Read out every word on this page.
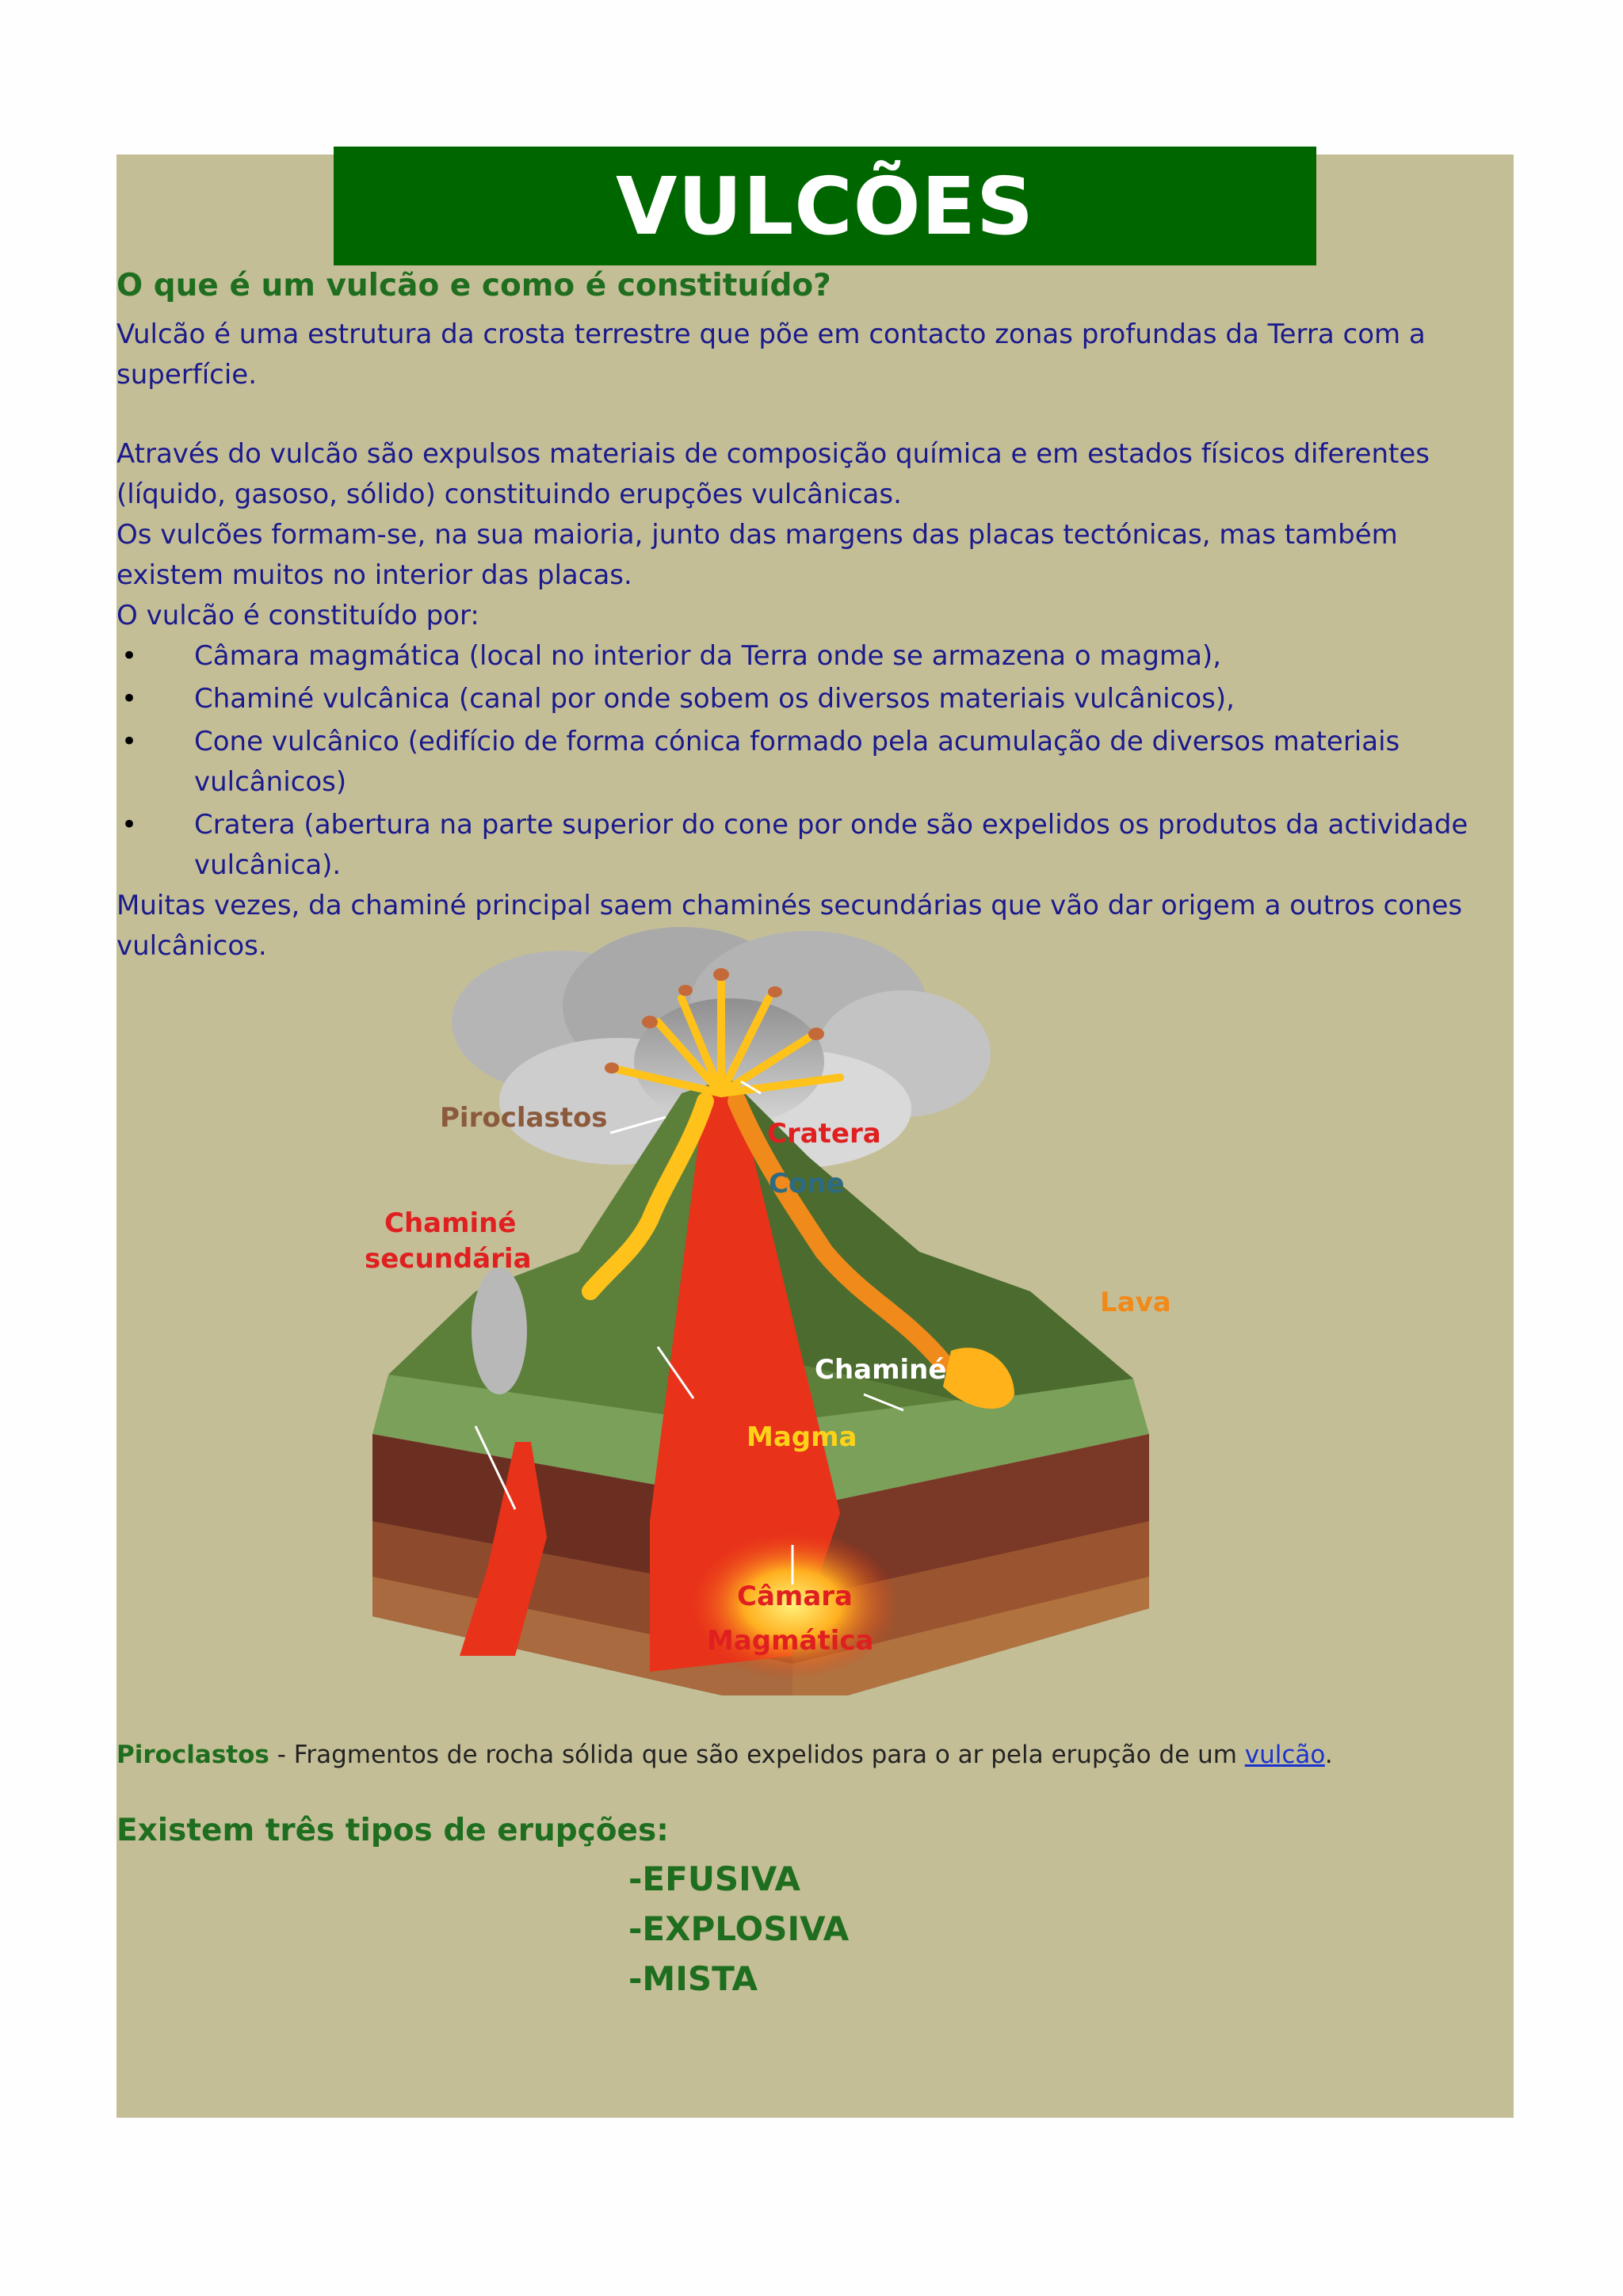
VULCÕES
O que é um vulcão e como é constituído?
Vulcão é uma estrutura da crosta terrestre que põe em contacto zonas profundas da Terra com a superfície.
Através do vulcão são expulsos materiais de composição química e em estados físicos diferentes (líquido, gasoso, sólido) constituindo erupções vulcânicas.
Os vulcões formam-se, na sua maioria, junto das margens das placas tectónicas, mas também existem muitos no interior das placas.
O vulcão é constituído por:
• Câmara magmática (local no interior da Terra onde se armazena o magma),
• Chaminé vulcânica (canal por onde sobem os diversos materiais vulcânicos),
• Cone vulcânico (edifício de forma cónica formado pela acumulação de diversos materiais vulcânicos)
• Cratera (abertura na parte superior do cone por onde são expelidos os produtos da actividade vulcânica).
Muitas vezes, da chaminé principal saem chaminés secundárias que vão dar origem a outros cones vulcânicos.
Piroclastos	Cratera
Cone
Chaminé
secundária
Lava
Chaminé
Magma
Câmara
Magmática
Piroclastos - Fragmentos de rocha sólida que são expelidos para o ar pela erupção de um vulcão.
Existem três tipos de erupções:
-EFUSIVA
-EXPLOSIVA
-MISTA
